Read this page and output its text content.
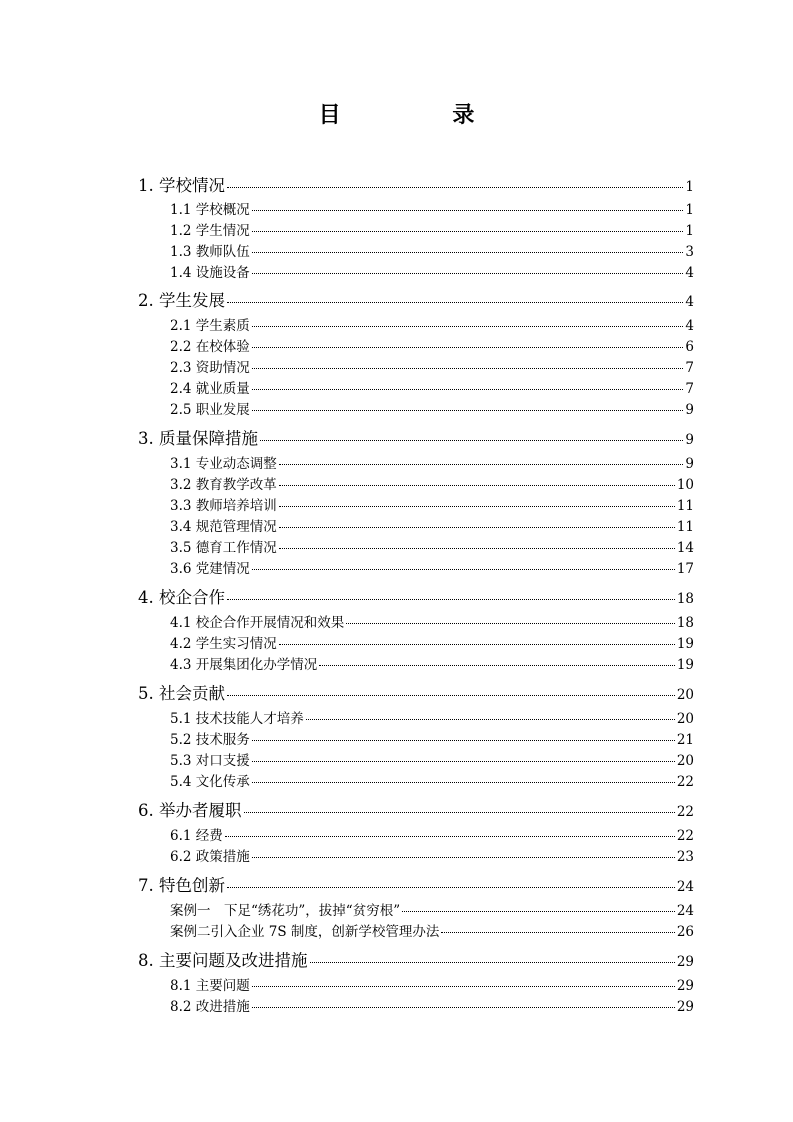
目 录
1. 学校情况	1
1.1 学校概况	1
1.2 学生情况	1
1.3 教师队伍	3
1.4 设施设备	4
2. 学生发展	4
2.1 学生素质	4
2.2 在校体验	6
2.3 资助情况	7
2.4 就业质量	7
2.5 职业发展	9
3. 质量保障措施	9
3.1 专业动态调整	9
3.2 教育教学改革	10
3.3 教师培养培训	11
3.4 规范管理情况	11
3.5 德育工作情况	14
3.6 党建情况	17
4. 校企合作	18
4.1 校企合作开展情况和效果	18
4.2 学生实习情况	19
4.3 开展集团化办学情况	19
5. 社会贡献	20
5.1 技术技能人才培养	20
5.2 技术服务	21
5.3 对口支援	20
5.4 文化传承	22
6. 举办者履职	22
6.1 经费	22
6.2 政策措施	23
7. 特色创新	24
案例一　下足“绣花功”，拔掉“贫穷根”	24
案例二引入企业 7S 制度，创新学校管理办法	26
8. 主要问题及改进措施	29
8.1 主要问题	29
8.2 改进措施	29
